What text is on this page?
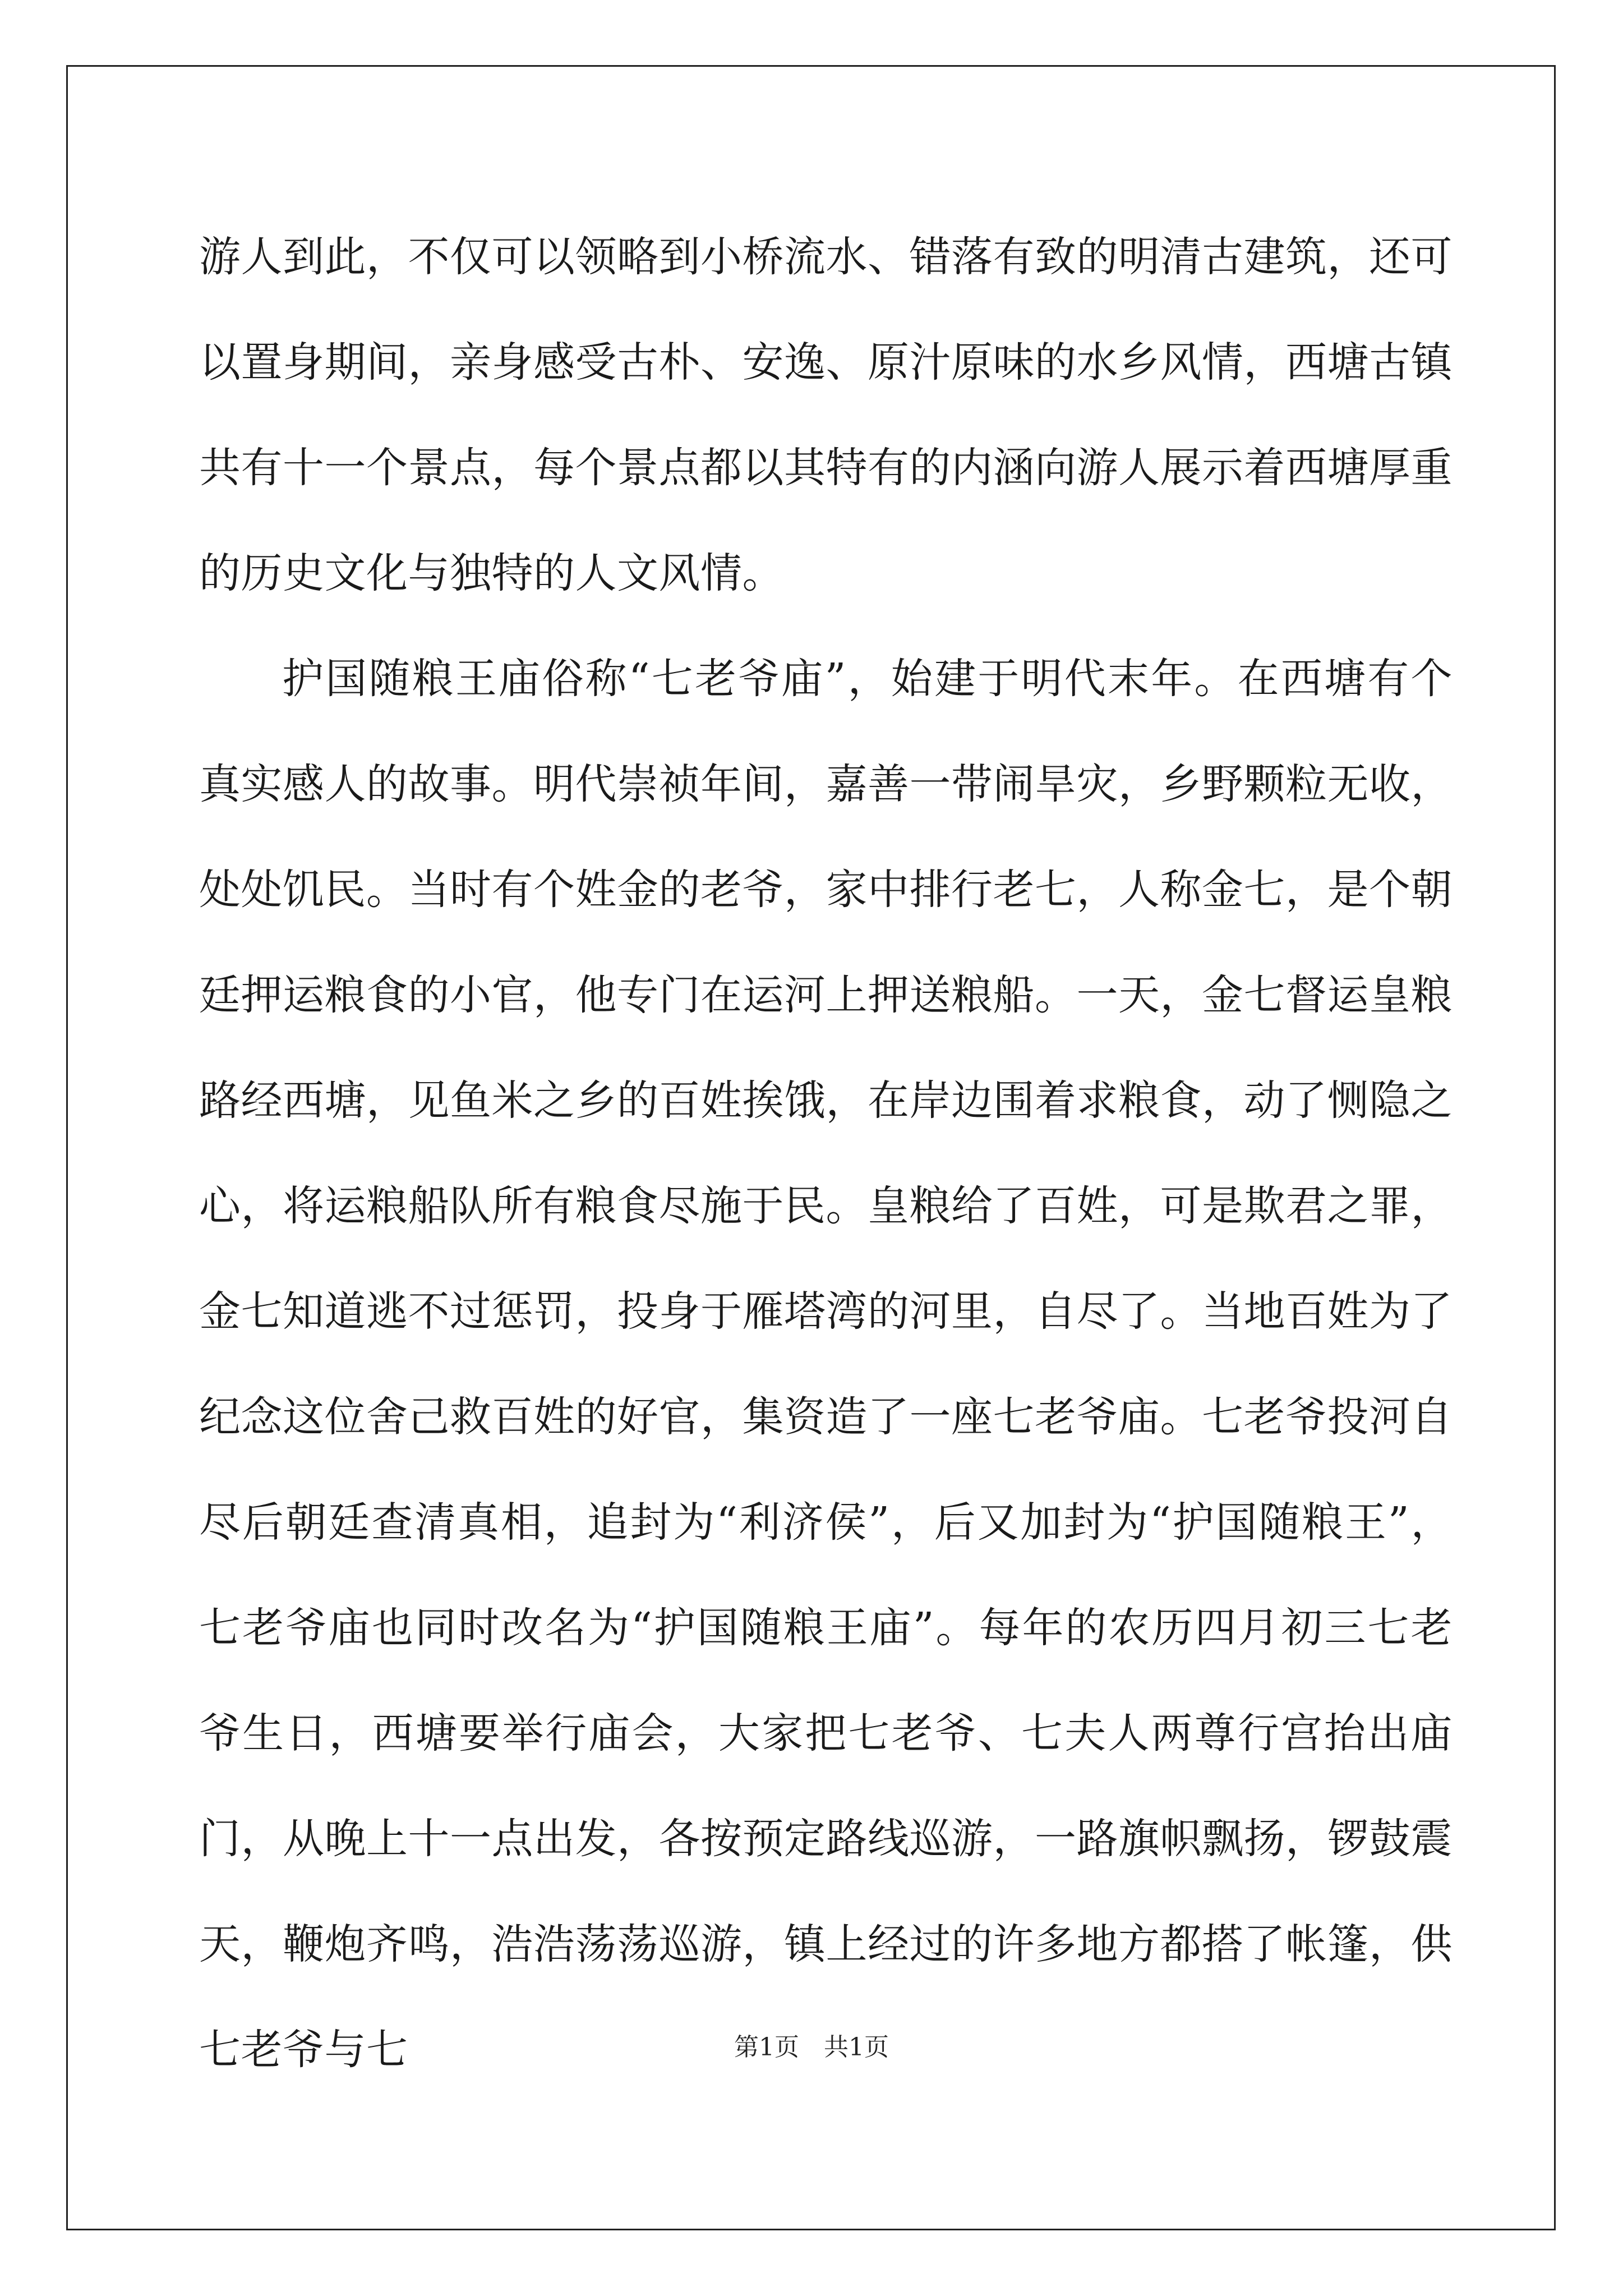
游人到此，不仅可以领略到小桥流水、错落有致的明清古建筑，还可以置身期间，亲身感受古朴、安逸、原汁原味的水乡风情，西塘古镇共有十一个景点，每个景点都以其特有的内涵向游人展示着西塘厚重的历史文化与独特的人文风情。

护国随粮王庙俗称“七老爷庙”，始建于明代末年。在西塘有个真实感人的故事。明代崇祯年间，嘉善一带闹旱灾，乡野颗粒无收，处处饥民。当时有个姓金的老爷，家中排行老七，人称金七，是个朝廷押运粮食的小官，他专门在运河上押送粮船。一天，金七督运皇粮路经西塘，见鱼米之乡的百姓挨饿，在岸边围着求粮食，动了恻隐之心，将运粮船队所有粮食尽施于民。皇粮给了百姓，可是欺君之罪，金七知道逃不过惩罚，投身于雁塔湾的河里，自尽了。当地百姓为了纪念这位舍己救百姓的好官，集资造了一座七老爷庙。七老爷投河自尽后朝廷查清真相，追封为“利济侯”，后又加封为“护国随粮王”，七老爷庙也同时改名为“护国随粮王庙”。每年的农历四月初三七老爷生日，西塘要举行庙会，大家把七老爷、七夫人两尊行宫抬出庙门，从晚上十一点出发，各按预定路线巡游，一路旗帜飘扬，锣鼓震天，鞭炮齐鸣，浩浩荡荡巡游，镇上经过的许多地方都搭了帐篷，供七老爷与七	第1页　共1页
